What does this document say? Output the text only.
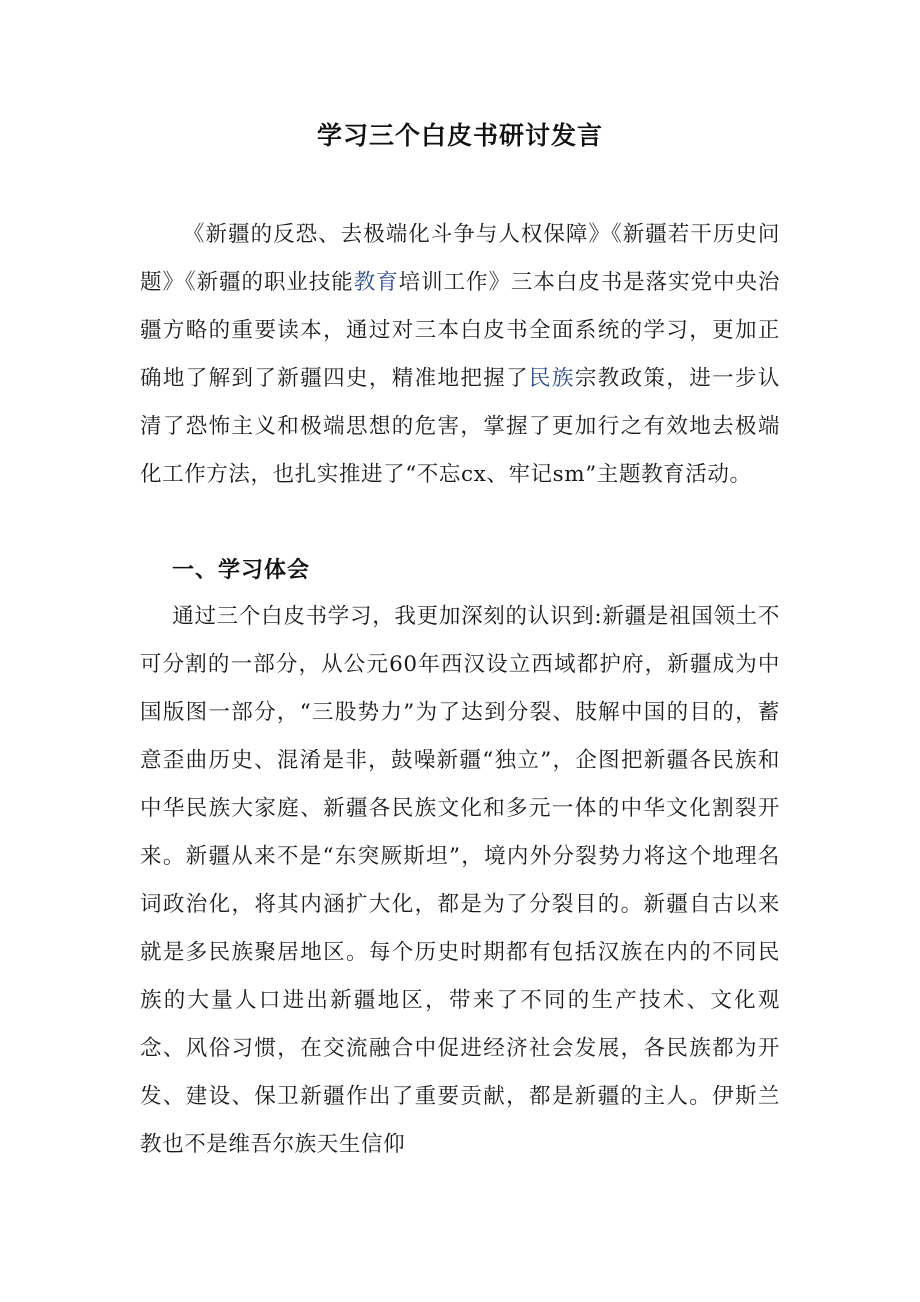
学习三个白皮书研讨发言
《新疆的反恐、去极端化斗争与人权保障》《新疆若干历史问题》《新疆的职业技能教育培训工作》三本白皮书是落实党中央治疆方略的重要读本，通过对三本白皮书全面系统的学习，更加正确地了解到了新疆四史，精准地把握了民族宗教政策，进一步认清了恐怖主义和极端思想的危害，掌握了更加行之有效地去极端化工作方法，也扎实推进了“不忘cx、牢记sm”主题教育活动。
一、学习体会
通过三个白皮书学习，我更加深刻的认识到:新疆是祖国领土不可分割的一部分，从公元60年西汉设立西域都护府，新疆成为中国版图一部分，“三股势力”为了达到分裂、肢解中国的目的，蓄意歪曲历史、混淆是非，鼓噪新疆“独立”，企图把新疆各民族和中华民族大家庭、新疆各民族文化和多元一体的中华文化割裂开来。新疆从来不是“东突厥斯坦”，境内外分裂势力将这个地理名词政治化，将其内涵扩大化，都是为了分裂目的。新疆自古以来就是多民族聚居地区。每个历史时期都有包括汉族在内的不同民族的大量人口进出新疆地区，带来了不同的生产技术、文化观念、风俗习惯，在交流融合中促进经济社会发展，各民族都为开发、建设、保卫新疆作出了重要贡献，都是新疆的主人。伊斯兰教也不是维吾尔族天生信仰
